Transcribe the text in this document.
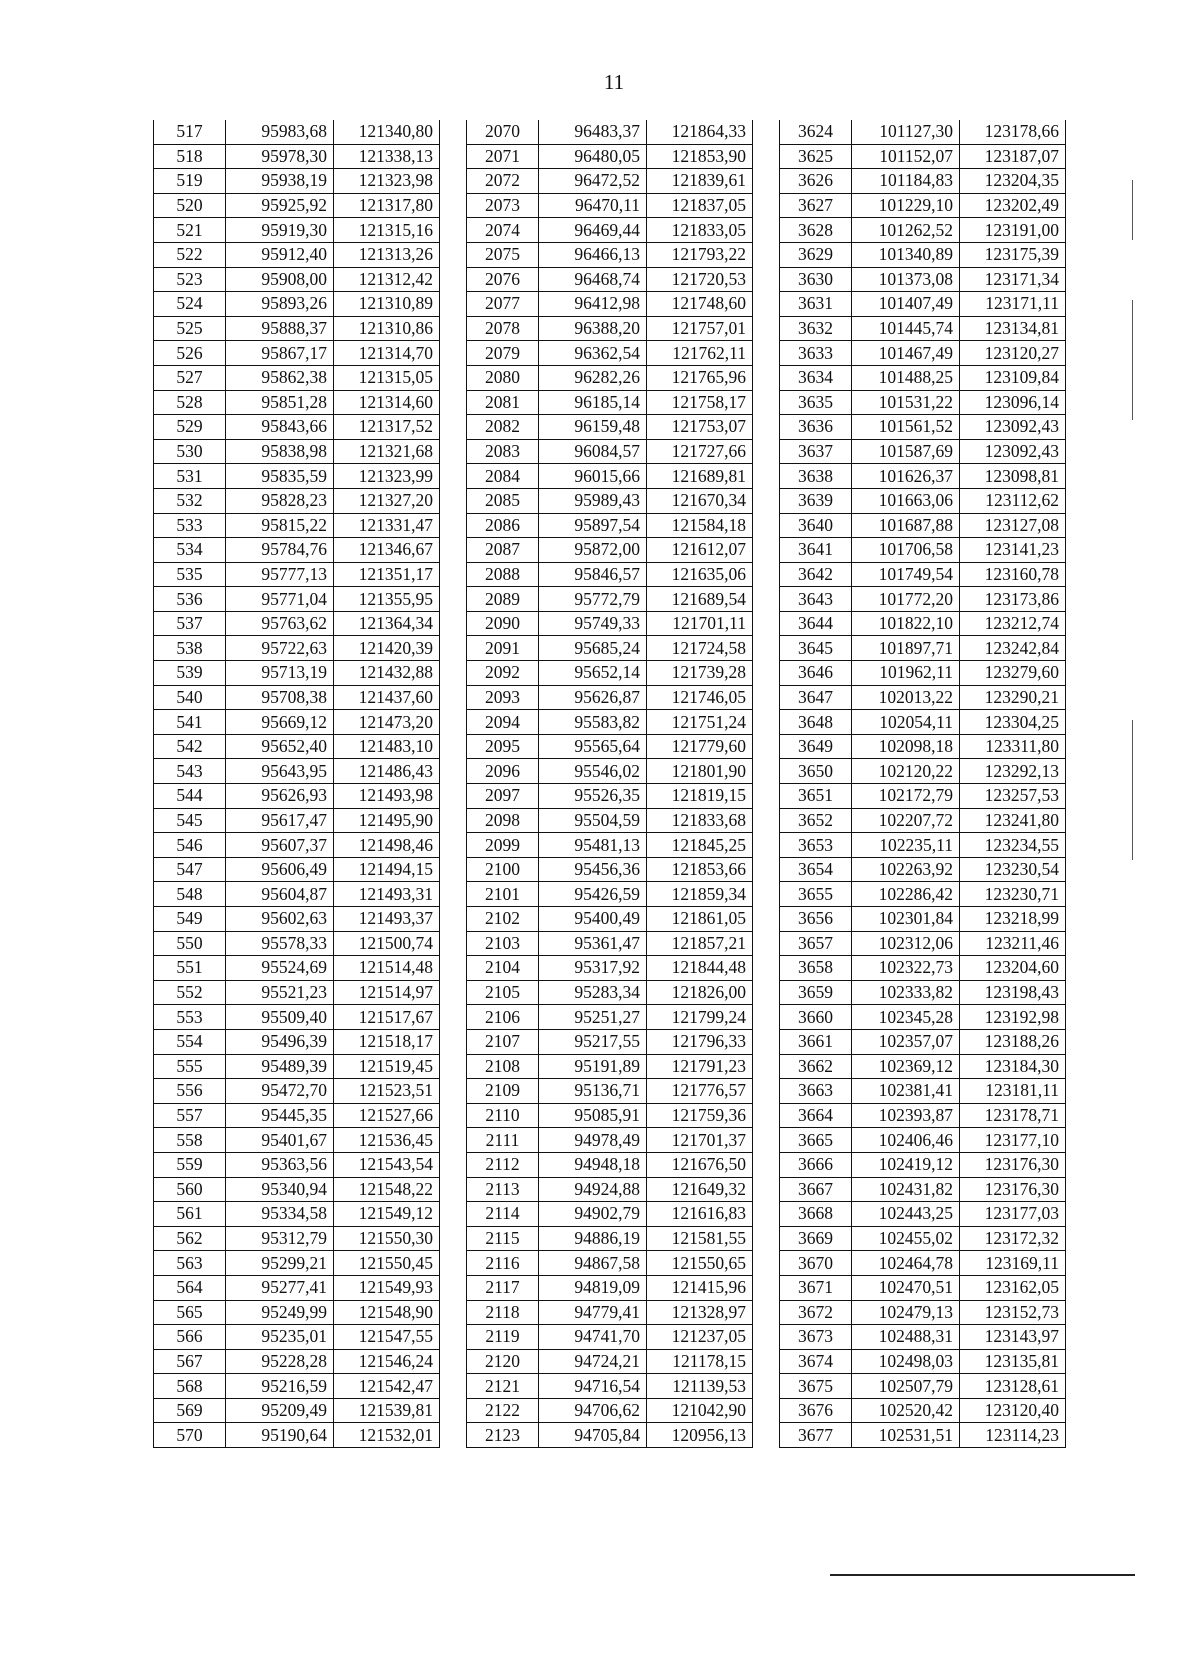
11
517	95983,68	121340,80
518	95978,30	121338,13
519	95938,19	121323,98
520	95925,92	121317,80
521	95919,30	121315,16
522	95912,40	121313,26
523	95908,00	121312,42
524	95893,26	121310,89
525	95888,37	121310,86
526	95867,17	121314,70
527	95862,38	121315,05
528	95851,28	121314,60
529	95843,66	121317,52
530	95838,98	121321,68
531	95835,59	121323,99
532	95828,23	121327,20
533	95815,22	121331,47
534	95784,76	121346,67
535	95777,13	121351,17
536	95771,04	121355,95
537	95763,62	121364,34
538	95722,63	121420,39
539	95713,19	121432,88
540	95708,38	121437,60
541	95669,12	121473,20
542	95652,40	121483,10
543	95643,95	121486,43
544	95626,93	121493,98
545	95617,47	121495,90
546	95607,37	121498,46
547	95606,49	121494,15
548	95604,87	121493,31
549	95602,63	121493,37
550	95578,33	121500,74
551	95524,69	121514,48
552	95521,23	121514,97
553	95509,40	121517,67
554	95496,39	121518,17
555	95489,39	121519,45
556	95472,70	121523,51
557	95445,35	121527,66
558	95401,67	121536,45
559	95363,56	121543,54
560	95340,94	121548,22
561	95334,58	121549,12
562	95312,79	121550,30
563	95299,21	121550,45
564	95277,41	121549,93
565	95249,99	121548,90
566	95235,01	121547,55
567	95228,28	121546,24
568	95216,59	121542,47
569	95209,49	121539,81
570	95190,64	121532,01
2070	96483,37	121864,33
2071	96480,05	121853,90
2072	96472,52	121839,61
2073	96470,11	121837,05
2074	96469,44	121833,05
2075	96466,13	121793,22
2076	96468,74	121720,53
2077	96412,98	121748,60
2078	96388,20	121757,01
2079	96362,54	121762,11
2080	96282,26	121765,96
2081	96185,14	121758,17
2082	96159,48	121753,07
2083	96084,57	121727,66
2084	96015,66	121689,81
2085	95989,43	121670,34
2086	95897,54	121584,18
2087	95872,00	121612,07
2088	95846,57	121635,06
2089	95772,79	121689,54
2090	95749,33	121701,11
2091	95685,24	121724,58
2092	95652,14	121739,28
2093	95626,87	121746,05
2094	95583,82	121751,24
2095	95565,64	121779,60
2096	95546,02	121801,90
2097	95526,35	121819,15
2098	95504,59	121833,68
2099	95481,13	121845,25
2100	95456,36	121853,66
2101	95426,59	121859,34
2102	95400,49	121861,05
2103	95361,47	121857,21
2104	95317,92	121844,48
2105	95283,34	121826,00
2106	95251,27	121799,24
2107	95217,55	121796,33
2108	95191,89	121791,23
2109	95136,71	121776,57
2110	95085,91	121759,36
2111	94978,49	121701,37
2112	94948,18	121676,50
2113	94924,88	121649,32
2114	94902,79	121616,83
2115	94886,19	121581,55
2116	94867,58	121550,65
2117	94819,09	121415,96
2118	94779,41	121328,97
2119	94741,70	121237,05
2120	94724,21	121178,15
2121	94716,54	121139,53
2122	94706,62	121042,90
2123	94705,84	120956,13
3624	101127,30	123178,66
3625	101152,07	123187,07
3626	101184,83	123204,35
3627	101229,10	123202,49
3628	101262,52	123191,00
3629	101340,89	123175,39
3630	101373,08	123171,34
3631	101407,49	123171,11
3632	101445,74	123134,81
3633	101467,49	123120,27
3634	101488,25	123109,84
3635	101531,22	123096,14
3636	101561,52	123092,43
3637	101587,69	123092,43
3638	101626,37	123098,81
3639	101663,06	123112,62
3640	101687,88	123127,08
3641	101706,58	123141,23
3642	101749,54	123160,78
3643	101772,20	123173,86
3644	101822,10	123212,74
3645	101897,71	123242,84
3646	101962,11	123279,60
3647	102013,22	123290,21
3648	102054,11	123304,25
3649	102098,18	123311,80
3650	102120,22	123292,13
3651	102172,79	123257,53
3652	102207,72	123241,80
3653	102235,11	123234,55
3654	102263,92	123230,54
3655	102286,42	123230,71
3656	102301,84	123218,99
3657	102312,06	123211,46
3658	102322,73	123204,60
3659	102333,82	123198,43
3660	102345,28	123192,98
3661	102357,07	123188,26
3662	102369,12	123184,30
3663	102381,41	123181,11
3664	102393,87	123178,71
3665	102406,46	123177,10
3666	102419,12	123176,30
3667	102431,82	123176,30
3668	102443,25	123177,03
3669	102455,02	123172,32
3670	102464,78	123169,11
3671	102470,51	123162,05
3672	102479,13	123152,73
3673	102488,31	123143,97
3674	102498,03	123135,81
3675	102507,79	123128,61
3676	102520,42	123120,40
3677	102531,51	123114,23
